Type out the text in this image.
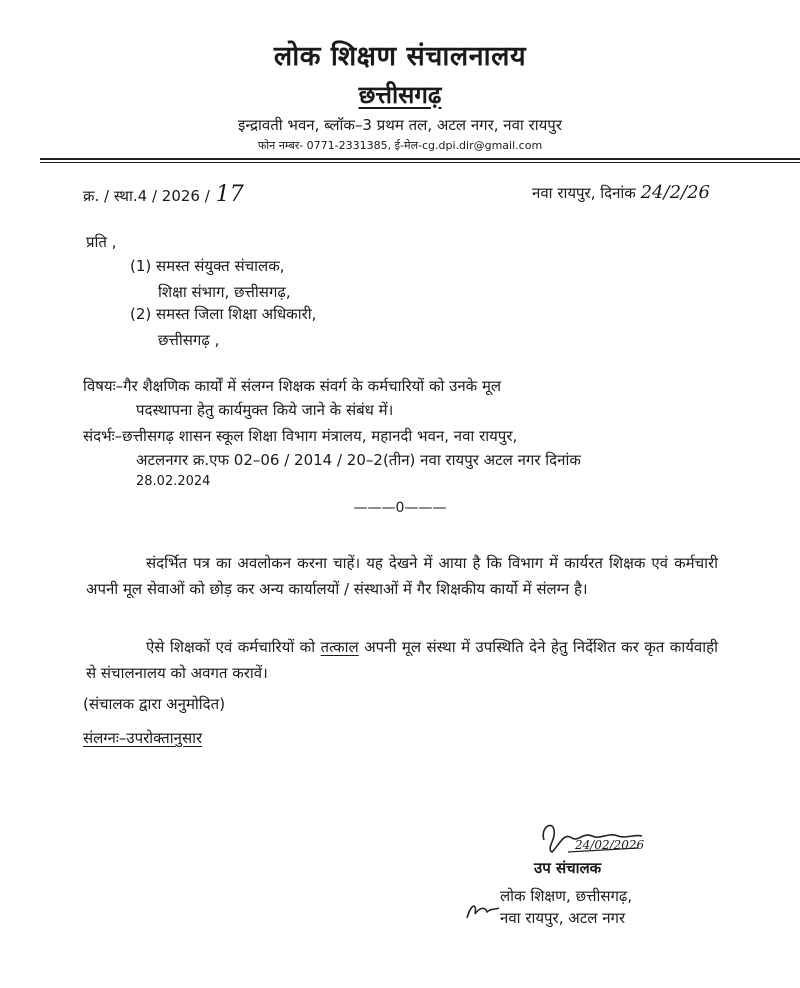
लोक शिक्षण संचालनालय
छत्तीसगढ़
इन्द्रावती भवन, ब्लॉक–3 प्रथम तल, अटल नगर, नवा रायपुर
फोन नम्बर- 0771-2331385, ई-मेल-cg.dpi.dir@gmail.com
क्र. / स्था.4 / 2026 / 17	नवा रायपुर, दिनांक 24/2/26
प्रति ,
(1) समस्त संयुक्त संचालक,
शिक्षा संभाग, छत्तीसगढ़,
(2) समस्त जिला शिक्षा अधिकारी,
छत्तीसगढ़ ,
विषयः–गैर शैक्षणिक कार्यों में संलग्न शिक्षक संवर्ग के कर्मचारियों को उनके मूल
पदस्थापना हेतु कार्यमुक्त किये जाने के संबंध में।
संदर्भः–छत्तीसगढ़ शासन स्कूल शिक्षा विभाग मंत्रालय, महानदी भवन, नवा रायपुर,
अटलनगर क्र.एफ 02–06 / 2014 / 20–2(तीन) नवा रायपुर अटल नगर दिनांक
28.02.2024
———0———
संदर्भित पत्र का अवलोकन करना चाहें। यह देखने में आया है कि विभाग में कार्यरत शिक्षक एवं कर्मचारी अपनी मूल सेवाओं को छोड़ कर अन्य कार्यालयों / संस्थाओं में गैर शिक्षकीय कार्यो में संलग्न है।
ऐसे शिक्षकों एवं कर्मचारियों को तत्काल अपनी मूल संस्था में उपस्थिति देने हेतु निर्देशित कर कृत कार्यवाही से संचालनालय को अवगत करावें।
(संचालक द्वारा अनुमोदित)
संलग्नः–उपरोक्तानुसार
24/02/2026
उप संचालक
लोक शिक्षण, छत्तीसगढ़,
नवा रायपुर, अटल नगर
